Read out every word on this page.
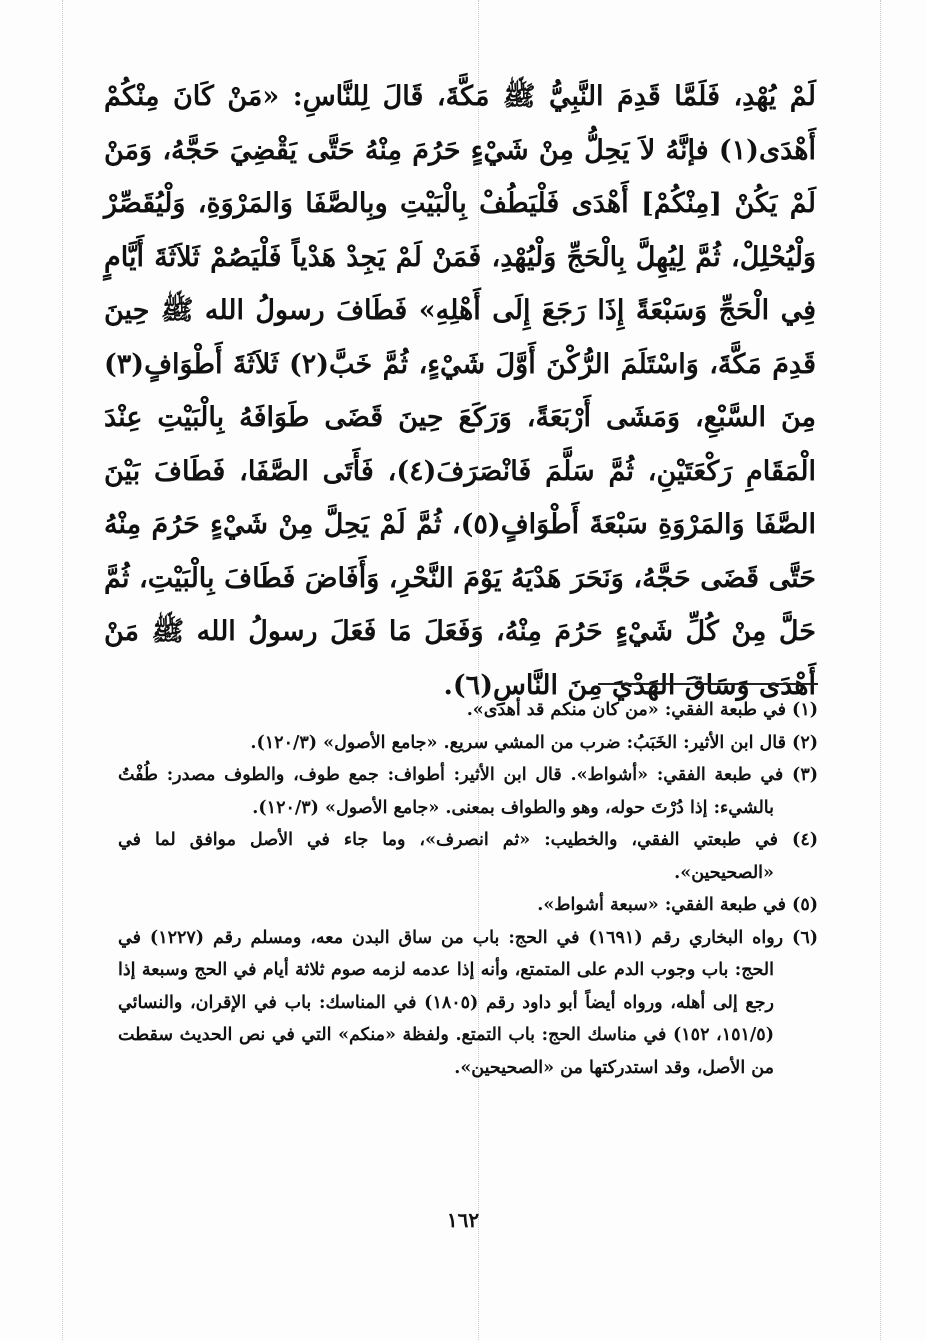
لَمْ يُهْدِ، فَلَمَّا قَدِمَ النَّبِيُّ ﷺ مَكَّةَ، قَالَ لِلنَّاسِ: «مَنْ كَانَ مِنْكُمْ أَهْدَى(١) فإنَّهُ لاَ يَحِلُّ مِنْ شَيْءٍ حَرُمَ مِنْهُ حَتَّى يَقْضِيَ حَجَّهُ، وَمَنْ لَمْ يَكُنْ [مِنْكُمْ] أَهْدَى فَلْيَطُفْ بِالْبَيْتِ وبِالصَّفَا وَالمَرْوَةِ، وَلْيُقَصِّرْ وَلْيُحْلِلْ، ثُمَّ لِيُهِلَّ بِالْحَجِّ وَلْيُهْدِ، فَمَنْ لَمْ يَجِدْ هَدْياً فَلْيَصُمْ ثَلاَثَةَ أَيَّامٍ فِي الْحَجِّ وَسَبْعَةً إِذَا رَجَعَ إِلَى أَهْلِهِ» فَطَافَ رسولُ الله ﷺ حِينَ قَدِمَ مَكَّةَ، وَاسْتَلَمَ الرُّكْنَ أَوَّلَ شَيْءٍ، ثُمَّ خَبَّ(٢) ثَلاَثَةَ أَطْوَافٍ(٣) مِنَ السَّبْعِ، وَمَشَى أَرْبَعَةً، وَرَكَعَ حِينَ قَضَى طَوَافَهُ بِالْبَيْتِ عِنْدَ الْمَقَامِ رَكْعَتَيْنِ، ثُمَّ سَلَّمَ فَانْصَرَفَ(٤)، فَأَتَى الصَّفَا، فَطَافَ بَيْنَ الصَّفَا وَالمَرْوَةِ سَبْعَةَ أَطْوَافٍ(٥)، ثُمَّ لَمْ يَحِلَّ مِنْ شَيْءٍ حَرُمَ مِنْهُ حَتَّى قَضَى حَجَّهُ، وَنَحَرَ هَدْيَهُ يَوْمَ النَّحْرِ، وَأَفَاضَ فَطَافَ بِالْبَيْتِ، ثُمَّ حَلَّ مِنْ كُلِّ شَيْءٍ حَرُمَ مِنْهُ، وَفَعَلَ مَا فَعَلَ رسولُ الله ﷺ مَنْ أَهْدَى وَسَاقَ الهَدْيَ مِنَ النَّاسِ(٦).

(١) في طبعة الفقي: «من كان منكم قد أهدى».

(٢) قال ابن الأثير: الخَبَبُ: ضرب من المشي سريع. «جامع الأصول» (١٢٠/٣).

(٣) في طبعة الفقي: «أشواط». قال ابن الأثير: أطواف: جمع طوف، والطوف مصدر: طُفْتُ بالشيء: إذا دُرْتَ حوله، وهو والطواف بمعنى. «جامع الأصول» (١٢٠/٣).

(٤) في طبعتي الفقي، والخطيب: «ثم انصرف»، وما جاء في الأصل موافق لما في «الصحيحين».

(٥) في طبعة الفقي: «سبعة أشواط».

(٦) رواه البخاري رقم (١٦٩١) في الحج: باب من ساق البدن معه، ومسلم رقم (١٢٢٧) في الحج: باب وجوب الدم على المتمتع، وأنه إذا عدمه لزمه صوم ثلاثة أيام في الحج وسبعة إذا رجع إلى أهله، ورواه أيضاً أبو داود رقم (١٨٠٥) في المناسك: باب في الإقران، والنسائي (١٥١/٥، ١٥٢) في مناسك الحج: باب التمتع. ولفظة «منكم» التي في نص الحديث سقطت من الأصل، وقد استدركتها من «الصحيحين».

١٦٢
